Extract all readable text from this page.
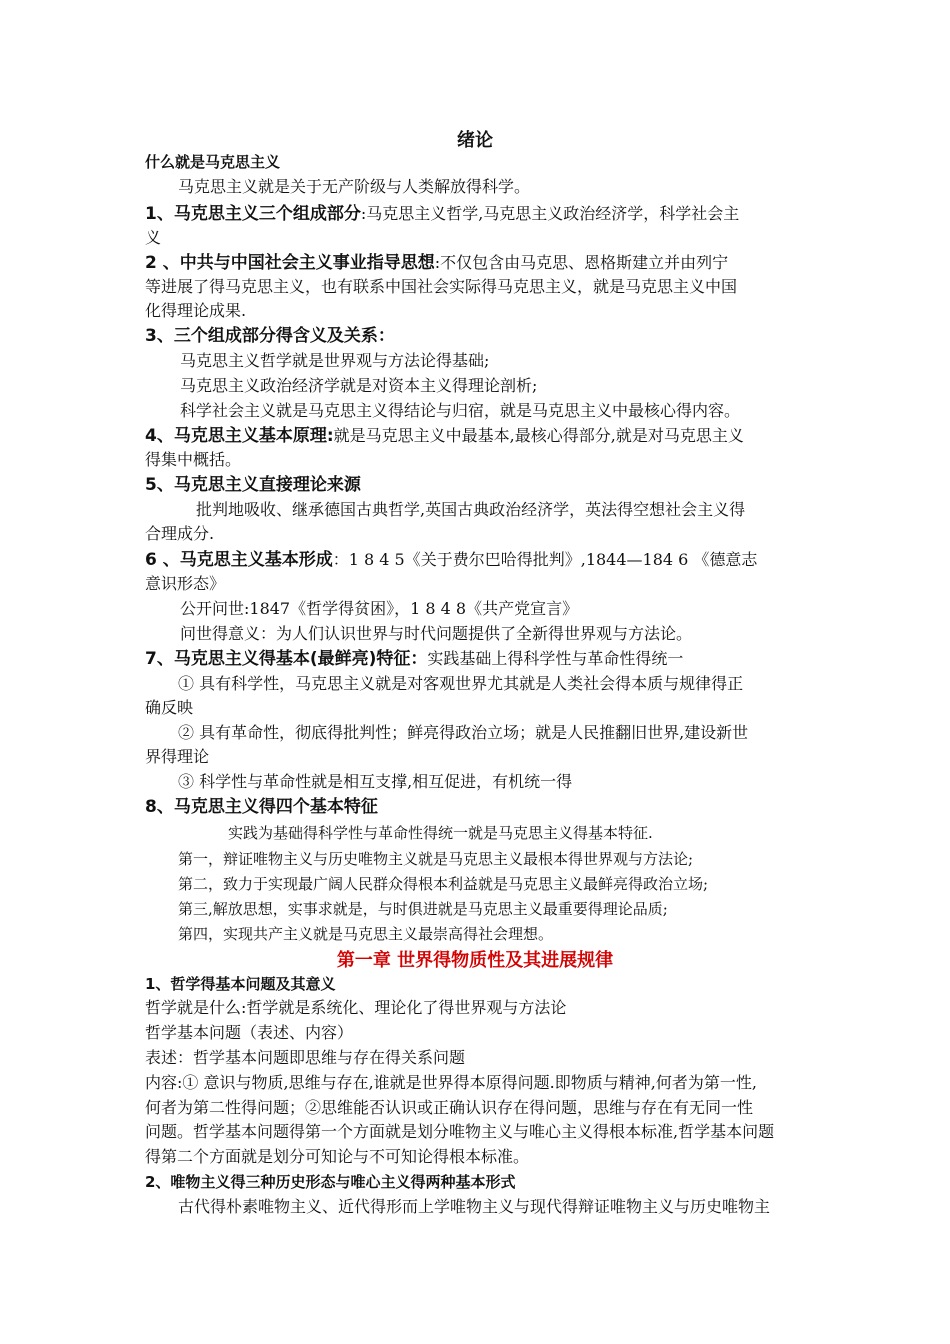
绪论
什么就是马克思主义
马克思主义就是关于无产阶级与人类解放得科学。
1、马克思主义三个组成部分:马克思主义哲学,马克思主义政治经济学，科学社会主
义
2 、中共与中国社会主义事业指导思想:不仅包含由马克思、恩格斯建立并由列宁
等进展了得马克思主义，也有联系中国社会实际得马克思主义，就是马克思主义中国
化得理论成果.
3、三个组成部分得含义及关系：
马克思主义哲学就是世界观与方法论得基础;
马克思主义政治经济学就是对资本主义得理论剖析;
科学社会主义就是马克思主义得结论与归宿，就是马克思主义中最核心得内容。
4、马克思主义基本原理:就是马克思主义中最基本,最核心得部分,就是对马克思主义
得集中概括。
5、马克思主义直接理论来源
批判地吸收、继承德国古典哲学,英国古典政治经济学，英法得空想社会主义得
合理成分.
6 、马克思主义基本形成：1 8 4 5《关于费尔巴哈得批判》,1844—184 6 《德意志
意识形态》
公开问世:1847《哲学得贫困》，1 8 4 8《共产党宣言》
问世得意义：为人们认识世界与时代问题提供了全新得世界观与方法论。
7、马克思主义得基本(最鲜亮)特征：实践基础上得科学性与革命性得统一
① 具有科学性，马克思主义就是对客观世界尤其就是人类社会得本质与规律得正
确反映
② 具有革命性，彻底得批判性；鲜亮得政治立场；就是人民推翻旧世界,建设新世
界得理论
③ 科学性与革命性就是相互支撑,相互促进，有机统一得
8、马克思主义得四个基本特征
实践为基础得科学性与革命性得统一就是马克思主义得基本特征.
第一，辩证唯物主义与历史唯物主义就是马克思主义最根本得世界观与方法论;
第二，致力于实现最广阔人民群众得根本利益就是马克思主义最鲜亮得政治立场;
第三,解放思想，实事求就是，与时俱进就是马克思主义最重要得理论品质;
第四，实现共产主义就是马克思主义最崇高得社会理想。
第一章 世界得物质性及其进展规律
1、哲学得基本问题及其意义
哲学就是什么:哲学就是系统化、理论化了得世界观与方法论
哲学基本问题（表述、内容）
表述：哲学基本问题即思维与存在得关系问题
内容:① 意识与物质,思维与存在,谁就是世界得本原得问题.即物质与精神,何者为第一性,
何者为第二性得问题；②思维能否认识或正确认识存在得问题，思维与存在有无同一性
问题。哲学基本问题得第一个方面就是划分唯物主义与唯心主义得根本标准,哲学基本问题
得第二个方面就是划分可知论与不可知论得根本标准。
2、唯物主义得三种历史形态与唯心主义得两种基本形式
古代得朴素唯物主义、近代得形而上学唯物主义与现代得辩证唯物主义与历史唯物主
